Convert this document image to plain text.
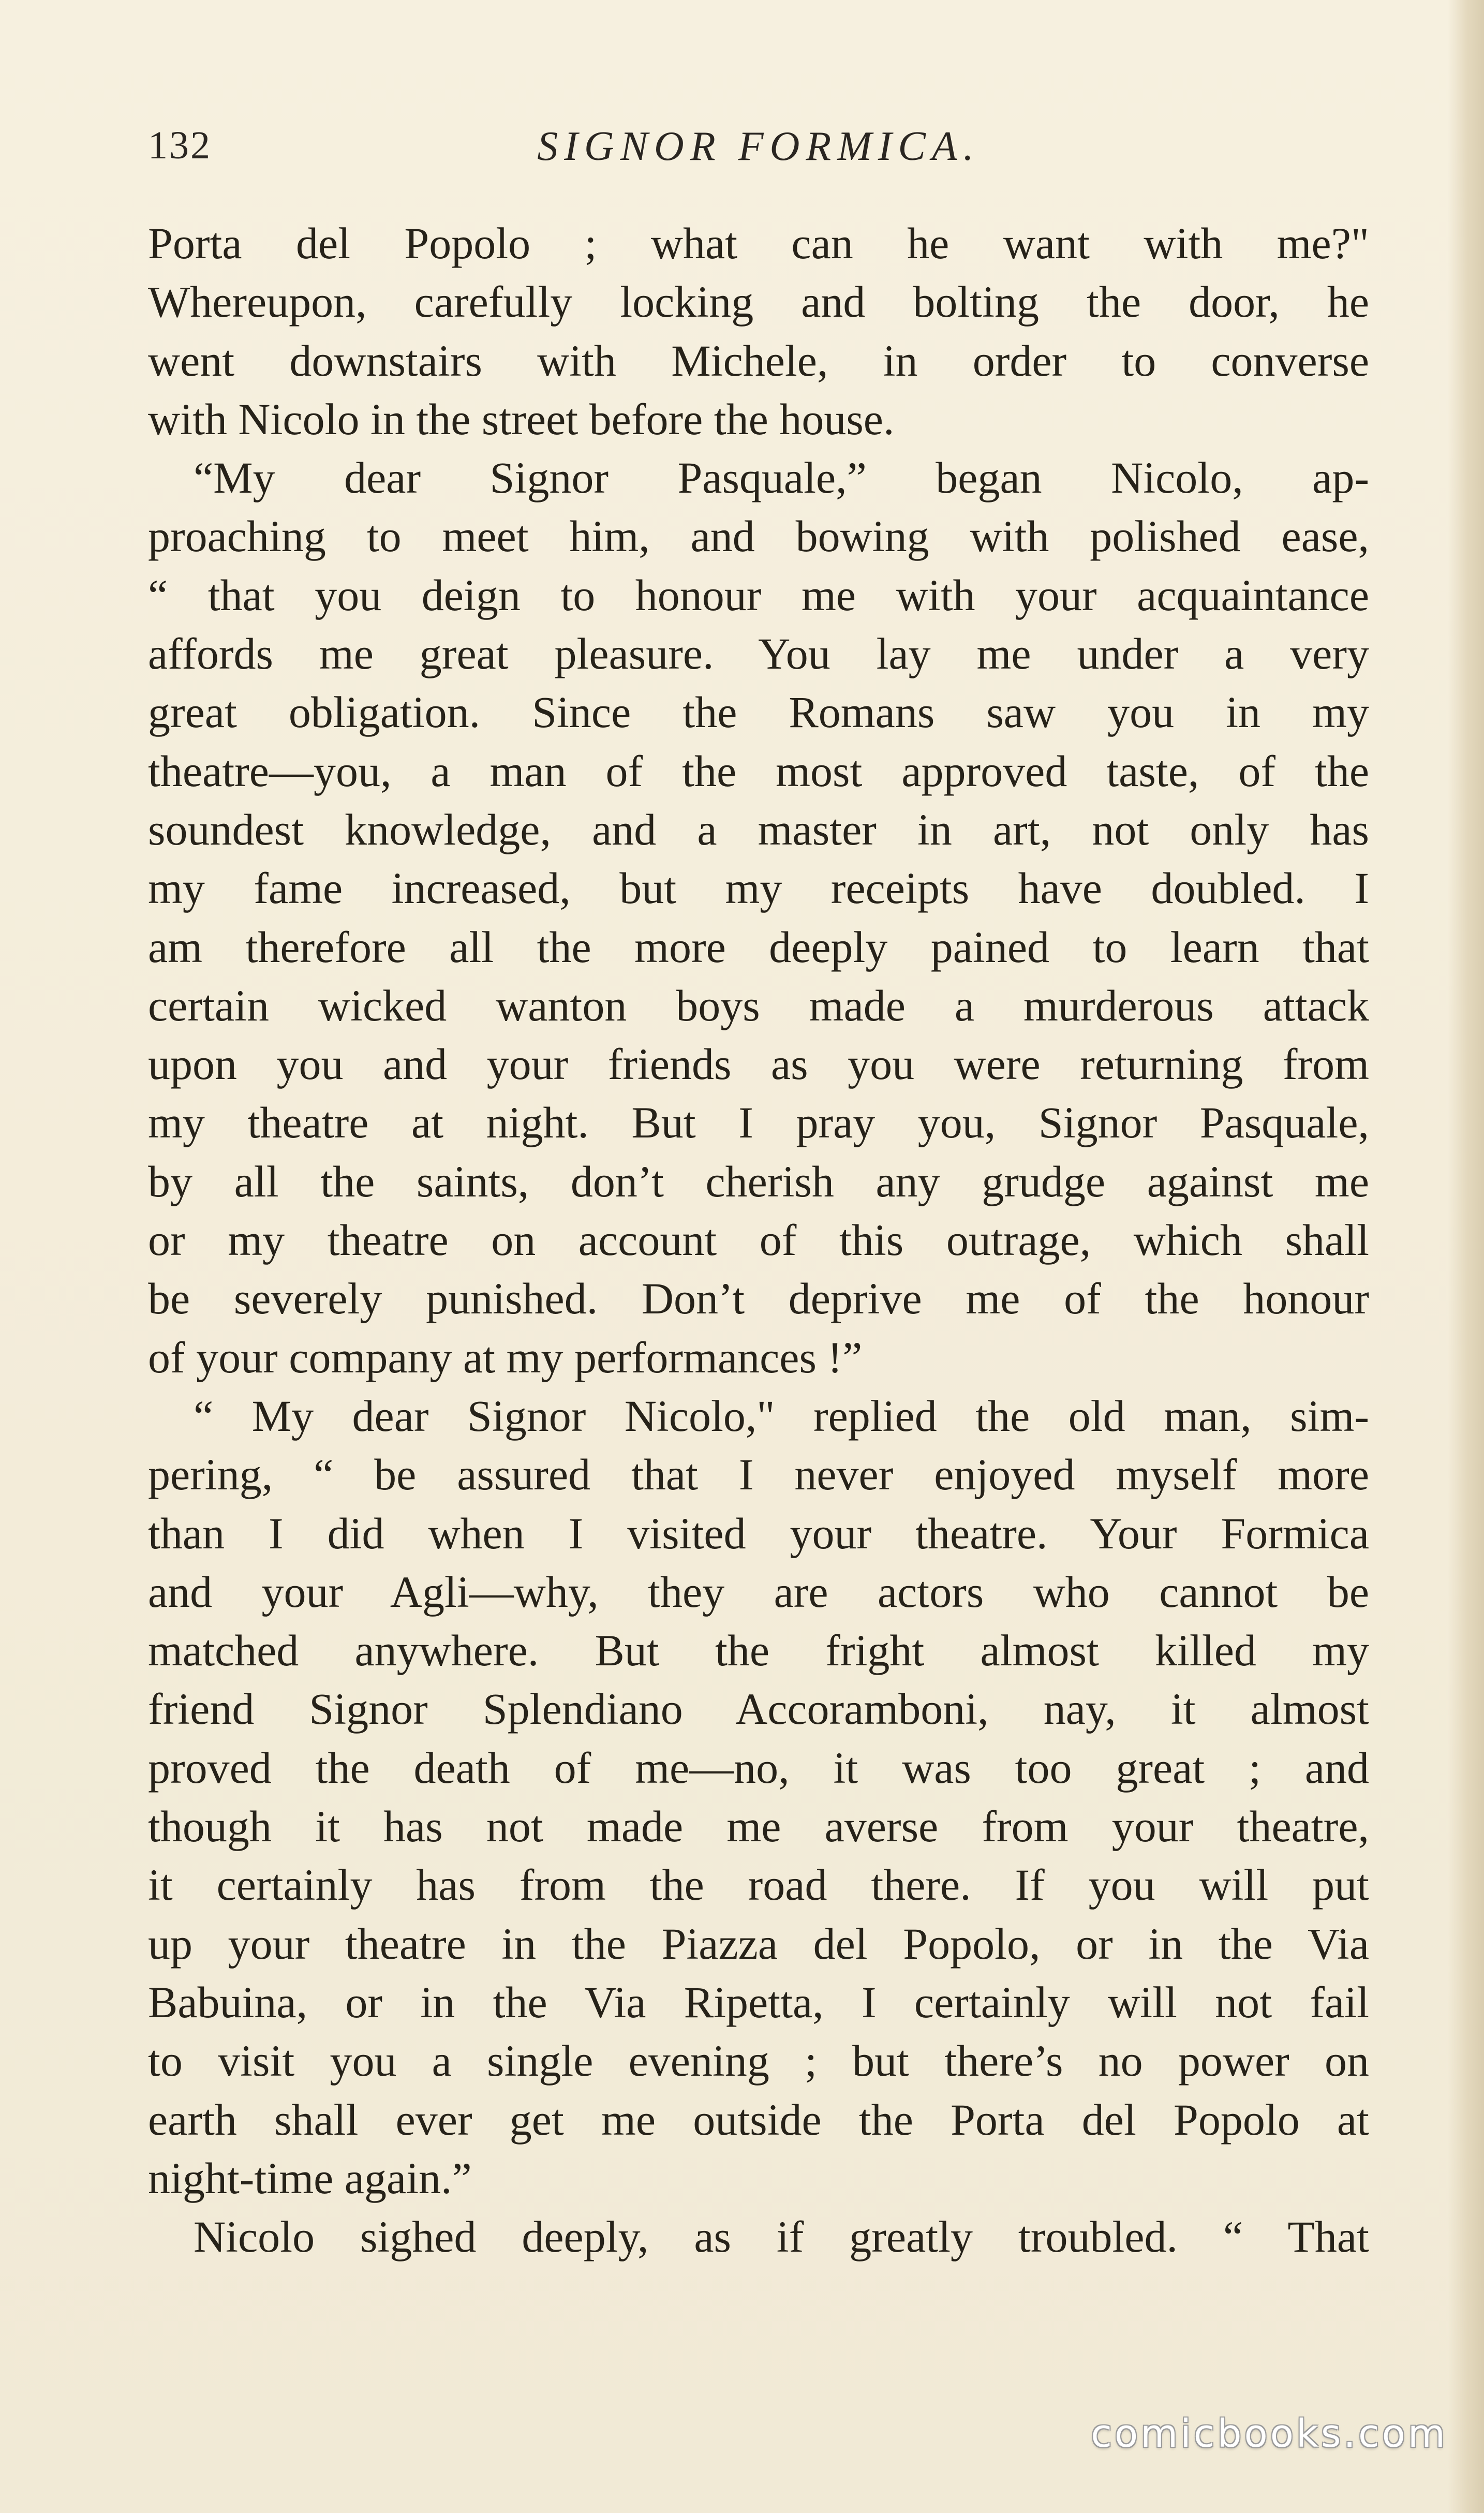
132	SIGNOR FORMICA.
Porta del Popolo ; what can he want with me?"
Whereupon, carefully locking and bolting the door, he
went downstairs with Michele, in order to converse
with Nicolo in the street before the house.
“My dear Signor Pasquale,” began Nicolo, ap-
proaching to meet him, and bowing with polished ease,
“ that you deign to honour me with your acquaintance
affords me great pleasure. You lay me under a very
great obligation. Since the Romans saw you in my
theatre—you, a man of the most approved taste, of the
soundest knowledge, and a master in art, not only has
my fame increased, but my receipts have doubled. I
am therefore all the more deeply pained to learn that
certain wicked wanton boys made a murderous attack
upon you and your friends as you were returning from
my theatre at night. But I pray you, Signor Pasquale,
by all the saints, don’t cherish any grudge against me
or my theatre on account of this outrage, which shall
be severely punished. Don’t deprive me of the honour
of your company at my performances !”
“ My dear Signor Nicolo," replied the old man, sim-
pering, “ be assured that I never enjoyed myself more
than I did when I visited your theatre. Your Formica
and your Agli—why, they are actors who cannot be
matched anywhere. But the fright almost killed my
friend Signor Splendiano Accoramboni, nay, it almost
proved the death of me—no, it was too great ; and
though it has not made me averse from your theatre,
it certainly has from the road there. If you will put
up your theatre in the Piazza del Popolo, or in the Via
Babuina, or in the Via Ripetta, I certainly will not fail
to visit you a single evening ; but there’s no power on
earth shall ever get me outside the Porta del Popolo at
night-time again.”
Nicolo sighed deeply, as if greatly troubled. “ That
comicbooks.com
